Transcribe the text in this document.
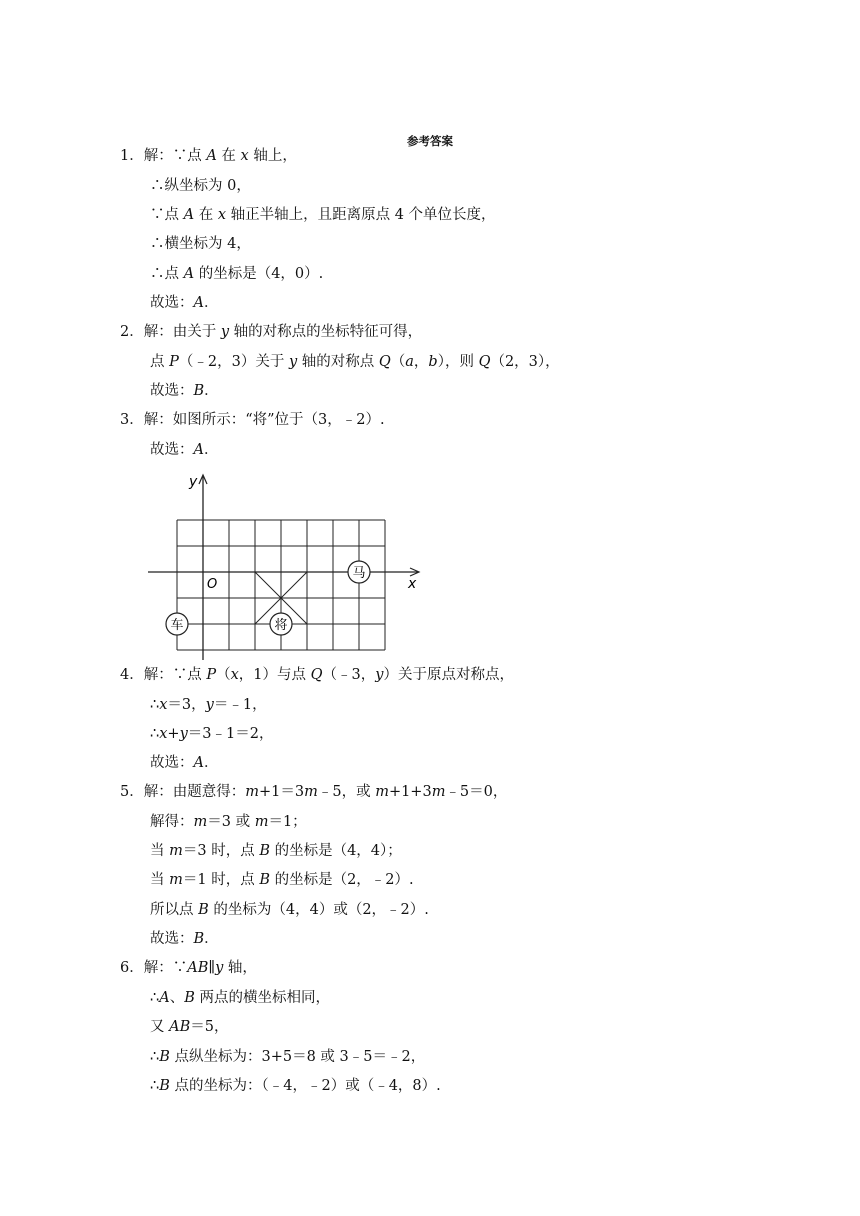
参考答案
1．解：∵点 A 在 x 轴上，
∴纵坐标为 0，
∵点 A 在 x 轴正半轴上，且距离原点 4 个单位长度，
∴横坐标为 4，
∴点 A 的坐标是（4，0）.
故选：A．
2．解：由关于 y 轴的对称点的坐标特征可得，
点 P（﹣2，3）关于 y 轴的对称点 Q（a，b），则 Q（2，3），
故选：B．
3．解：如图所示：“将”位于（3，﹣2）.
故选：A．
4．解：∵点 P（x，1）与点 Q（﹣3，y）关于原点对称点，
∴x＝3，y＝﹣1，
∴x+y＝3﹣1＝2，
故选：A．
5．解：由题意得：m+1＝3m﹣5，或 m+1+3m﹣5＝0，
解得：m＝3 或 m＝1；
当 m＝3 时，点 B 的坐标是（4，4）；
当 m＝1 时，点 B 的坐标是（2，﹣2）.
所以点 B 的坐标为（4，4）或（2，﹣2）.
故选：B．
6．解：∵AB∥y 轴，
∴A、B 两点的横坐标相同，
又 AB＝5，
∴B 点纵坐标为：3+5＝8 或 3﹣5＝﹣2，
∴B 点的坐标为：（﹣4，﹣2）或（﹣4，8）.
x
y
O
马
车	将
